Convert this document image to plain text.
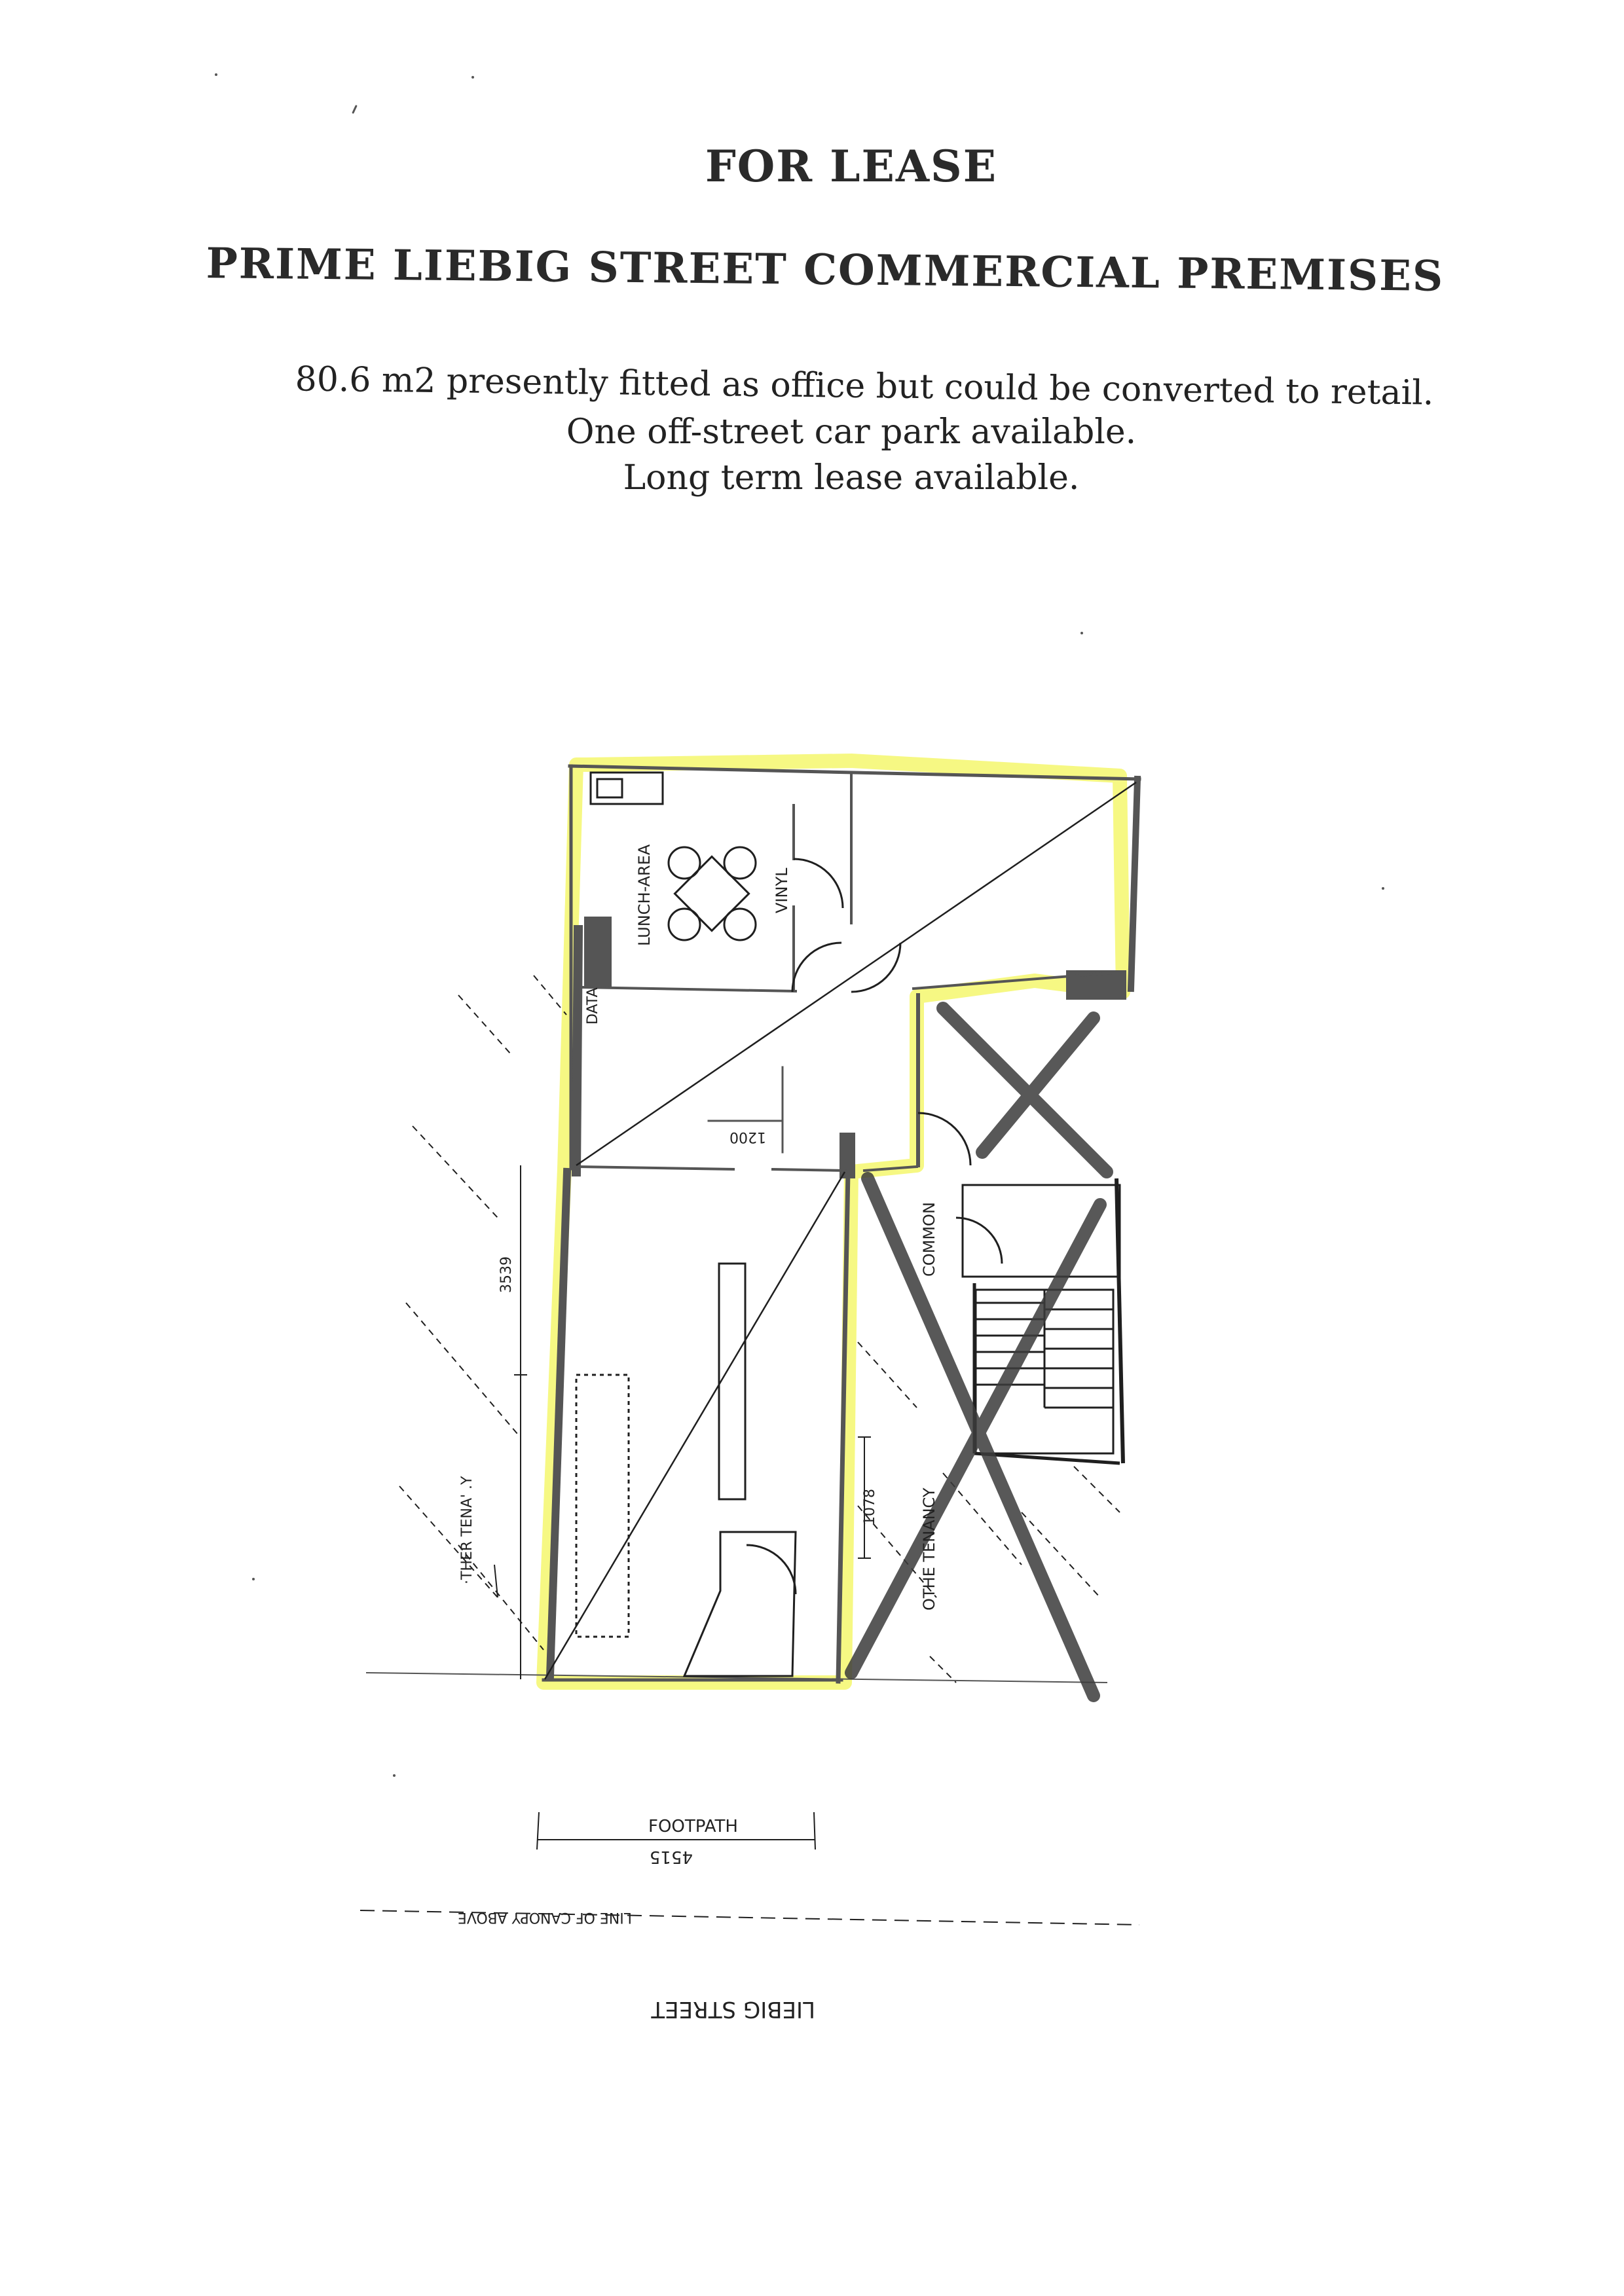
FOR LEASE
PRIME LIEBIG STREET COMMERCIAL PREMISES

80.6 m2 presently fitted as office but could be converted to retail.

One off-street car park available.

Long term lease available.

LUNCH-AREA	VINYL
DATA
1200
3539	COMMON
1078
·THER TENA' .Y	OTHE TENANCY
FOOTPATH
4515
LINE OF CANOPY ABOVE
LIEBIG STREET
